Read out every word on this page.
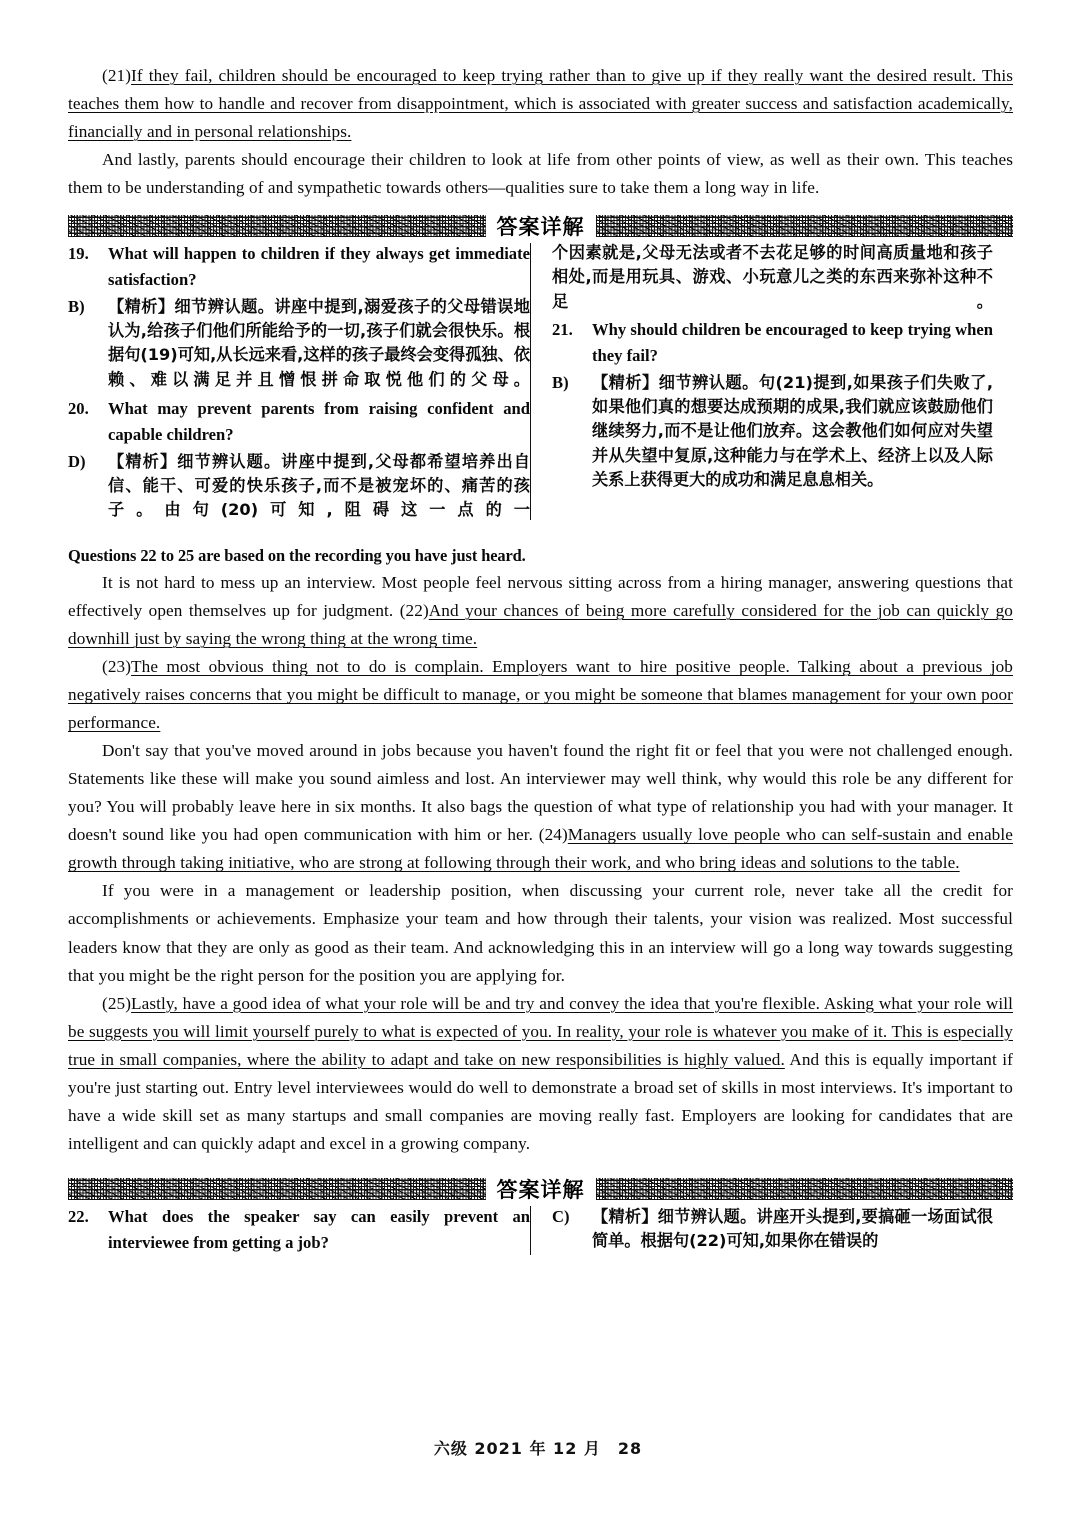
(21)If they fail, children should be encouraged to keep trying rather than to give up if they really want the desired result. This teaches them how to handle and recover from disappointment, which is associated with greater success and satisfaction academically, financially and in personal relationships.

And lastly, parents should encourage their children to look at life from other points of view, as well as their own. This teaches them to be understanding of and sympathetic towards others—qualities sure to take them a long way in life.

答案详解
19.	What will happen to children if they always get immediate satisfaction?
B)	【精析】细节辨认题。讲座中提到,溺爱孩子的父母错误地认为,给孩子们他们所能给予的一切,孩子们就会很快乐。根据句(19)可知,从长远来看,这样的孩子最终会变得孤独、依赖、难以满足并且憎恨拼命取悦他们的父母。
20.	What may prevent parents from raising confident and capable children?
D)	【精析】细节辨认题。讲座中提到,父母都希望培养出自信、能干、可爱的快乐孩子,而不是被宠坏的、痛苦的孩子。由句(20)可知,阻碍这一点的一
个因素就是,父母无法或者不去花足够的时间高质量地和孩子相处,而是用玩具、游戏、小玩意儿之类的东西来弥补这种不足。
21.	Why should children be encouraged to keep trying when they fail?
B)	【精析】细节辨认题。句(21)提到,如果孩子们失败了,如果他们真的想要达成预期的成果,我们就应该鼓励他们继续努力,而不是让他们放弃。这会教他们如何应对失望并从失望中复原,这种能力与在学术上、经济上以及人际关系上获得更大的成功和满足息息相关。

Questions 22 to 25 are based on the recording you have just heard.

It is not hard to mess up an interview. Most people feel nervous sitting across from a hiring manager, answering questions that effectively open themselves up for judgment. (22)And your chances of being more carefully considered for the job can quickly go downhill just by saying the wrong thing at the wrong time.

(23)The most obvious thing not to do is complain. Employers want to hire positive people. Talking about a previous job negatively raises concerns that you might be difficult to manage, or you might be someone that blames management for your own poor performance.

Don't say that you've moved around in jobs because you haven't found the right fit or feel that you were not challenged enough. Statements like these will make you sound aimless and lost. An interviewer may well think, why would this role be any different for you? You will probably leave here in six months. It also bags the question of what type of relationship you had with your manager. It doesn't sound like you had open communication with him or her. (24)Managers usually love people who can self-sustain and enable growth through taking initiative, who are strong at following through their work, and who bring ideas and solutions to the table.

If you were in a management or leadership position, when discussing your current role, never take all the credit for accomplishments or achievements. Emphasize your team and how through their talents, your vision was realized. Most successful leaders know that they are only as good as their team. And acknowledging this in an interview will go a long way towards suggesting that you might be the right person for the position you are applying for.

(25)Lastly, have a good idea of what your role will be and try and convey the idea that you're flexible. Asking what your role will be suggests you will limit yourself purely to what is expected of you. In reality, your role is whatever you make of it. This is especially true in small companies, where the ability to adapt and take on new responsibilities is highly valued. And this is equally important if you're just starting out. Entry level interviewees would do well to demonstrate a broad set of skills in most interviews. It's important to have a wide skill set as many startups and small companies are moving really fast. Employers are looking for candidates that are intelligent and can quickly adapt and excel in a growing company.

答案详解
22.	What does the speaker say can easily prevent an interviewee from getting a job?
C)	【精析】细节辨认题。讲座开头提到,要搞砸一场面试很简单。根据句(22)可知,如果你在错误的
六级 2021 年 12 月　28
